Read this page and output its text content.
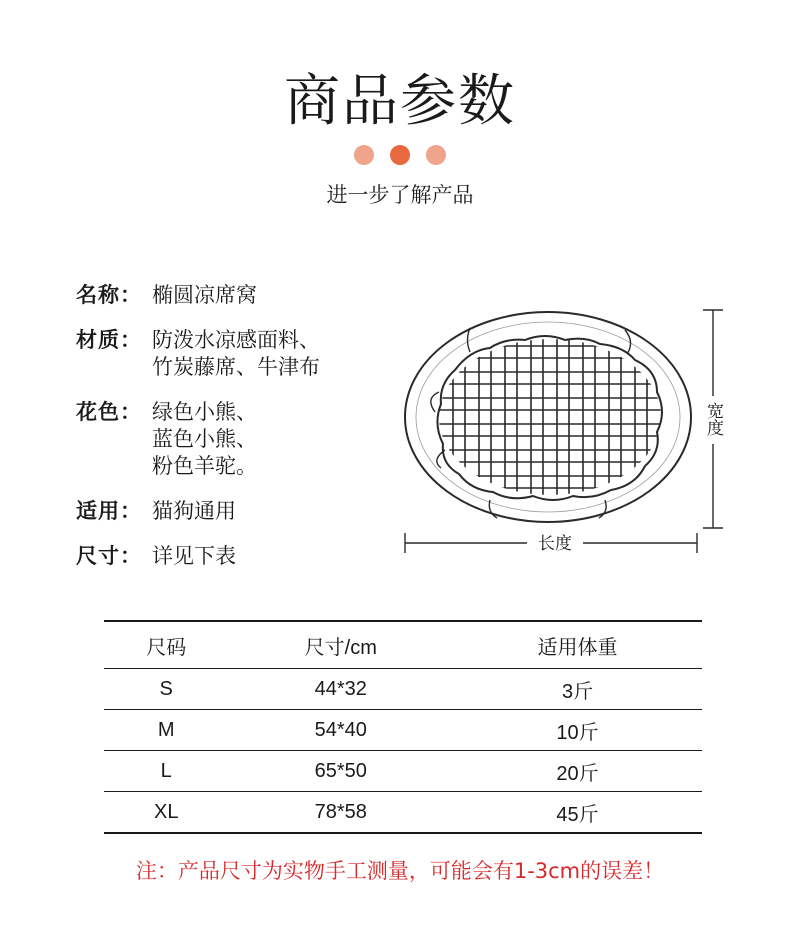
商品参数
进一步了解产品
名称： 椭圆凉席窝
材质： 防泼水凉感面料、
竹炭藤席、牛津布
花色： 绿色小熊、
蓝色小熊、
粉色羊驼。
适用： 猫狗通用
尺寸： 详见下表
宽度
长度
尺码	尺寸/cm	适用体重
S	44*32	3斤
M	54*40	10斤
L	65*50	20斤
XL	78*58	45斤
注：产品尺寸为实物手工测量，可能会有1-3cm的误差！
